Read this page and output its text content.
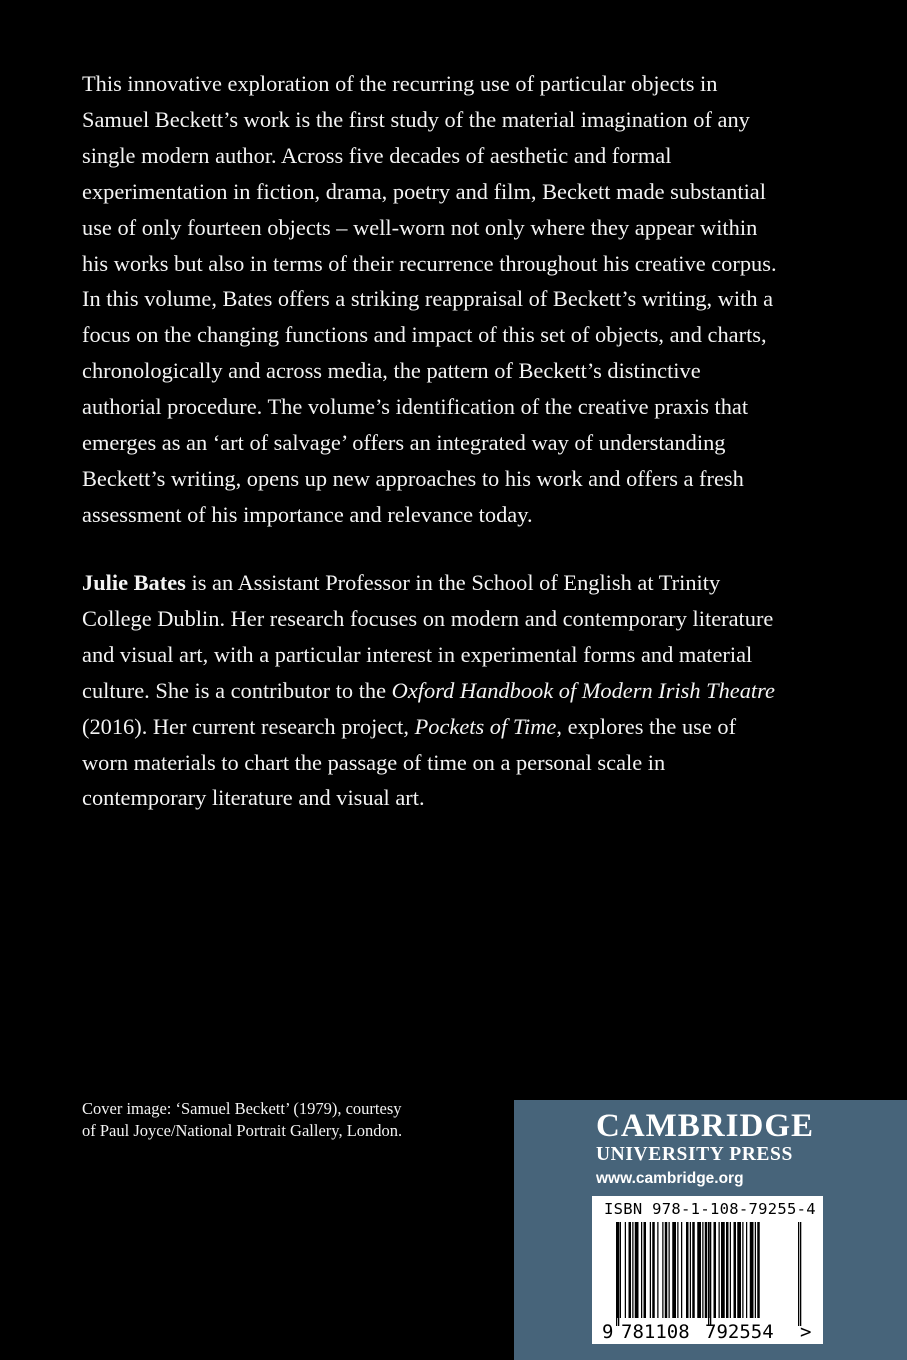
This innovative exploration of the recurring use of particular objects in Samuel Beckett’s work is the first study of the material imagination of any single modern author. Across five decades of aesthetic and formal experimentation in fiction, drama, poetry and film, Beckett made substantial use of only fourteen objects – well-worn not only where they appear within his works but also in terms of their recurrence throughout his creative corpus. In this volume, Bates offers a striking reappraisal of Beckett’s writing, with a focus on the changing functions and impact of this set of objects, and charts, chronologically and across media, the pattern of Beckett’s distinctive authorial procedure. The volume’s identification of the creative praxis that emerges as an ‘art of salvage’ offers an integrated way of understanding Beckett’s writing, opens up new approaches to his work and offers a fresh assessment of his importance and relevance today.

Julie Bates is an Assistant Professor in the School of English at Trinity College Dublin. Her research focuses on modern and contemporary literature and visual art, with a particular interest in experimental forms and material culture. She is a contributor to the Oxford Handbook of Modern Irish Theatre (2016). Her current research project, Pockets of Time, explores the use of worn materials to chart the passage of time on a personal scale in contemporary literature and visual art.

Cover image: ‘Samuel Beckett’ (1979), courtesy
of Paul Joyce/National Portrait Gallery, London.	CAMBRIDGE

UNIVERSITY PRESS

www.cambridge.org

ISBN 978-1-108-79255-4
9 781108 792554 >
